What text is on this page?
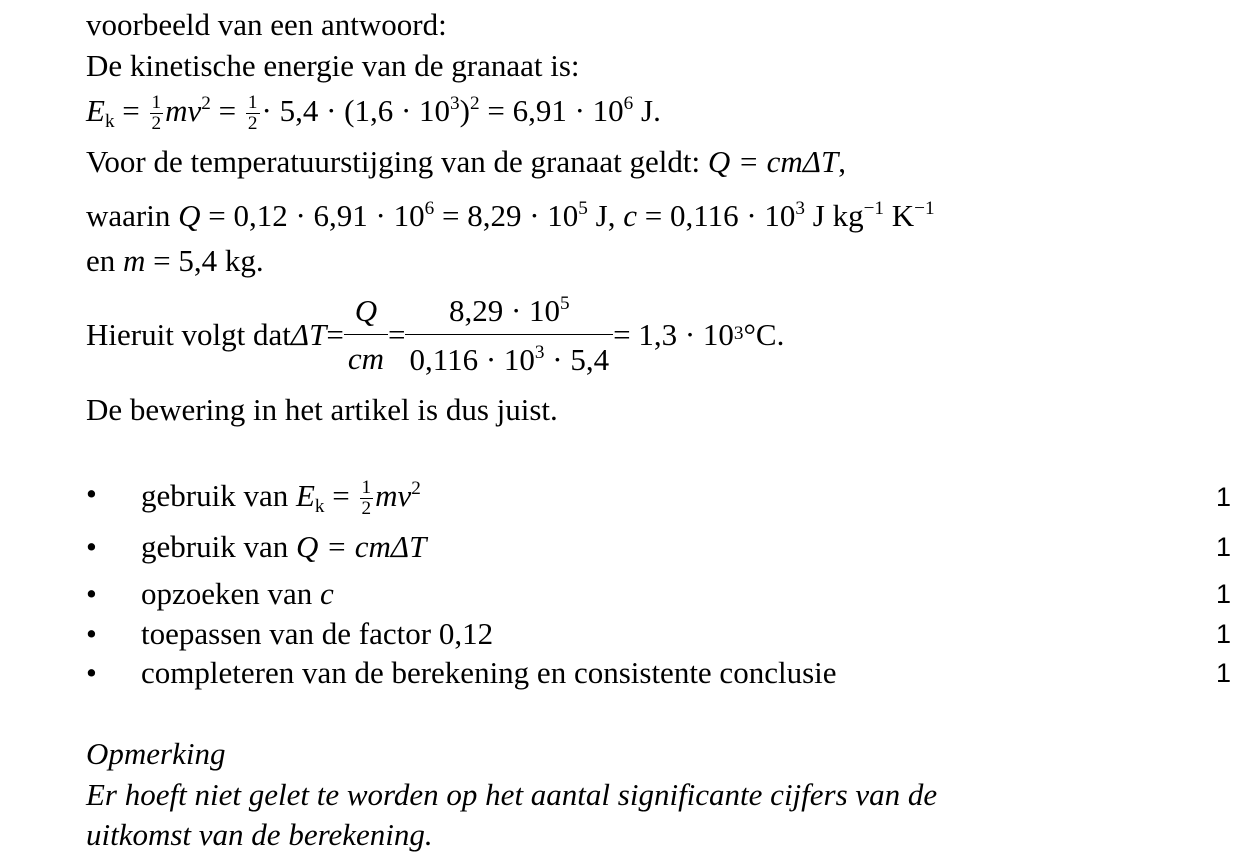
voorbeeld van een antwoord:
De kinetische energie van de granaat is:
$E_k = \frac{1}{2} mv^2 = \frac{1}{2} \cdot 5,4 \cdot (1,6 \cdot 10^3)^2 = 6,91 \cdot 10^6$ J.
Voor de temperatuurstijging van de granaat geldt: Q = cmΔT,
waarin $Q = 0,12 \cdot 6,91 \cdot 10^6 = 8,29 \cdot 10^5$ J, $c = 0,116 \cdot 10^3$ J $kg^{-1}$ $K^{-1}$
en m = 5,4 kg.
Hieruit volgt dat $\Delta T = \frac{Q}{cm} = \frac{8,29 \cdot 10^5}{0,116 \cdot 10^3 \cdot 5,4} = 1,3 \cdot 10$ 3 °C.
De bewering in het artikel is dus juist.
• gebruik van $E_k = \frac{1}{2} mv^2$	1
• gebruik van Q = cmΔT	1
• opzoeken van c	1
• toepassen van de factor 0,12	1
• completeren van de berekening en consistente conclusie	1
Opmerking
Er hoeft niet gelet te worden op het aantal significante cijfers van de
uitkomst van de berekening.
